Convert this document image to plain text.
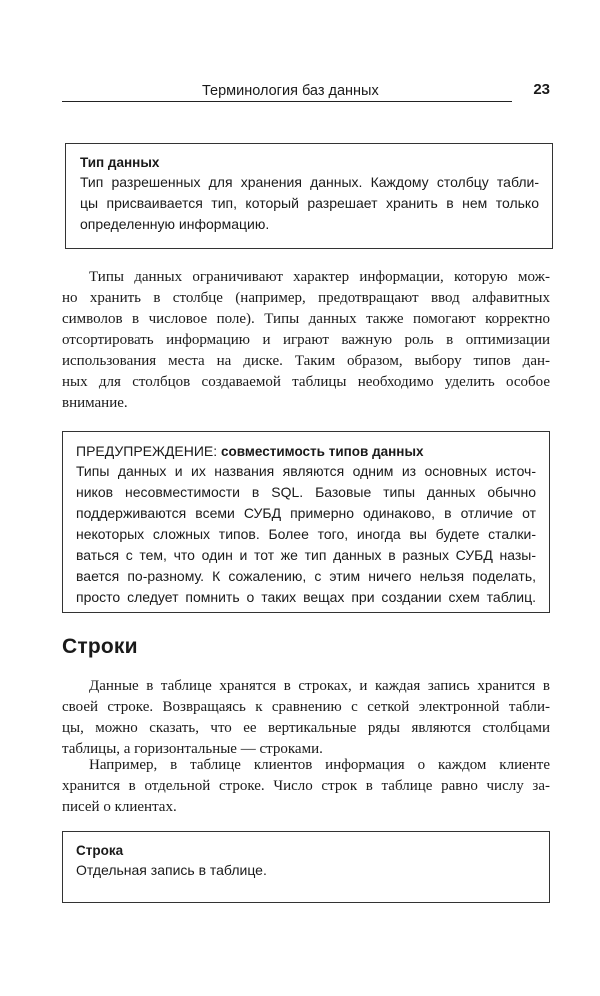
Терминология баз данных	23
Тип данных
Тип разрешенных для хранения данных. Каждому столбцу табли-
цы присваивается тип, который разрешает хранить в нем только
определенную информацию.
Типы данных ограничивают характер информации, которую мож-
но хранить в столбце (например, предотвращают ввод алфавитных
символов в числовое поле). Типы данных также помогают корректно
отсортировать информацию и играют важную роль в оптимизации
использования места на диске. Таким образом, выбору типов дан-
ных для столбцов создаваемой таблицы необходимо уделить особое
внимание.
ПРЕДУПРЕЖДЕНИЕ: совместимость типов данных
Типы данных и их названия являются одним из основных источ-
ников несовместимости в SQL. Базовые типы данных обычно
поддерживаются всеми СУБД примерно одинаково, в отличие от
некоторых сложных типов. Более того, иногда вы будете сталки-
ваться с тем, что один и тот же тип данных в разных СУБД назы-
вается по-разному. К сожалению, с этим ничего нельзя поделать,
просто следует помнить о таких вещах при создании схем таблиц.
Строки
Данные в таблице хранятся в строках, и каждая запись хранится в
своей строке. Возвращаясь к сравнению с сеткой электронной табли-
цы, можно сказать, что ее вертикальные ряды являются столбцами
таблицы, а горизонтальные — строками.
Например, в таблице клиентов информация о каждом клиенте
хранится в отдельной строке. Число строк в таблице равно числу за-
писей о клиентах.
Строка
Отдельная запись в таблице.
